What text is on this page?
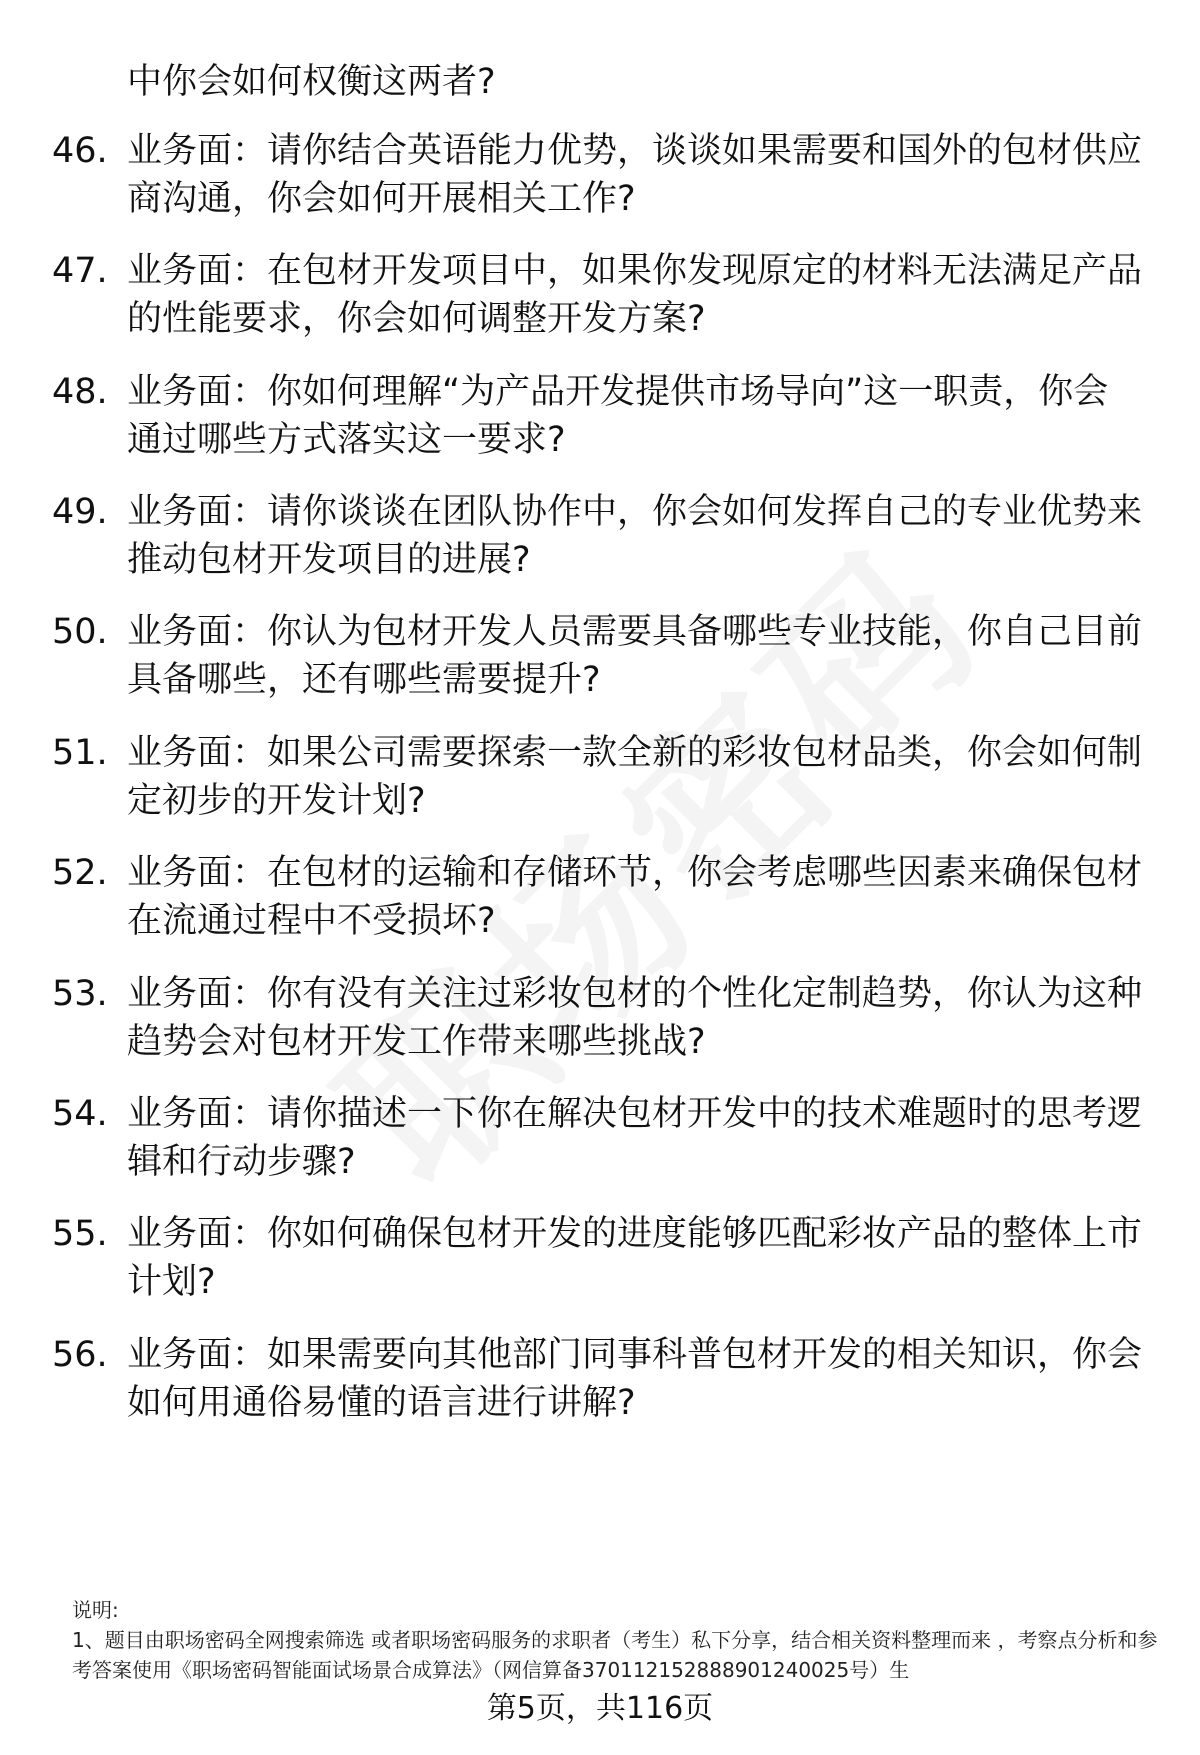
中你会如何权衡这两者?
46. 业务面：请你结合英语能力优势，谈谈如果需要和国外的包材供应商沟通，你会如何开展相关工作?
47. 业务面：在包材开发项目中，如果你发现原定的材料无法满足产品的性能要求，你会如何调整开发方案?
48. 业务面：你如何理解“为产品开发提供市场导向”这一职责，你会通过哪些方式落实这一要求?
49. 业务面：请你谈谈在团队协作中，你会如何发挥自己的专业优势来推动包材开发项目的进展?
50. 业务面：你认为包材开发人员需要具备哪些专业技能，你自己目前具备哪些，还有哪些需要提升?
51. 业务面：如果公司需要探索一款全新的彩妆包材品类，你会如何制定初步的开发计划?
52. 业务面：在包材的运输和存储环节，你会考虑哪些因素来确保包材在流通过程中不受损坏?
53. 业务面：你有没有关注过彩妆包材的个性化定制趋势，你认为这种趋势会对包材开发工作带来哪些挑战?
54. 业务面：请你描述一下你在解决包材开发中的技术难题时的思考逻辑和行动步骤?
55. 业务面：你如何确保包材开发的进度能够匹配彩妆产品的整体上市计划?
56. 业务面：如果需要向其他部门同事科普包材开发的相关知识，你会如何用通俗易懂的语言进行讲解?
说明:
1、题目由职场密码全网搜索筛选 或者职场密码服务的求职者（考生）私下分享，结合相关资料整理而来 ，考察点分析和参考答案使用《职场密码智能面试场景合成算法》（网信算备370112152888901240025号）生
第5页，共116页
